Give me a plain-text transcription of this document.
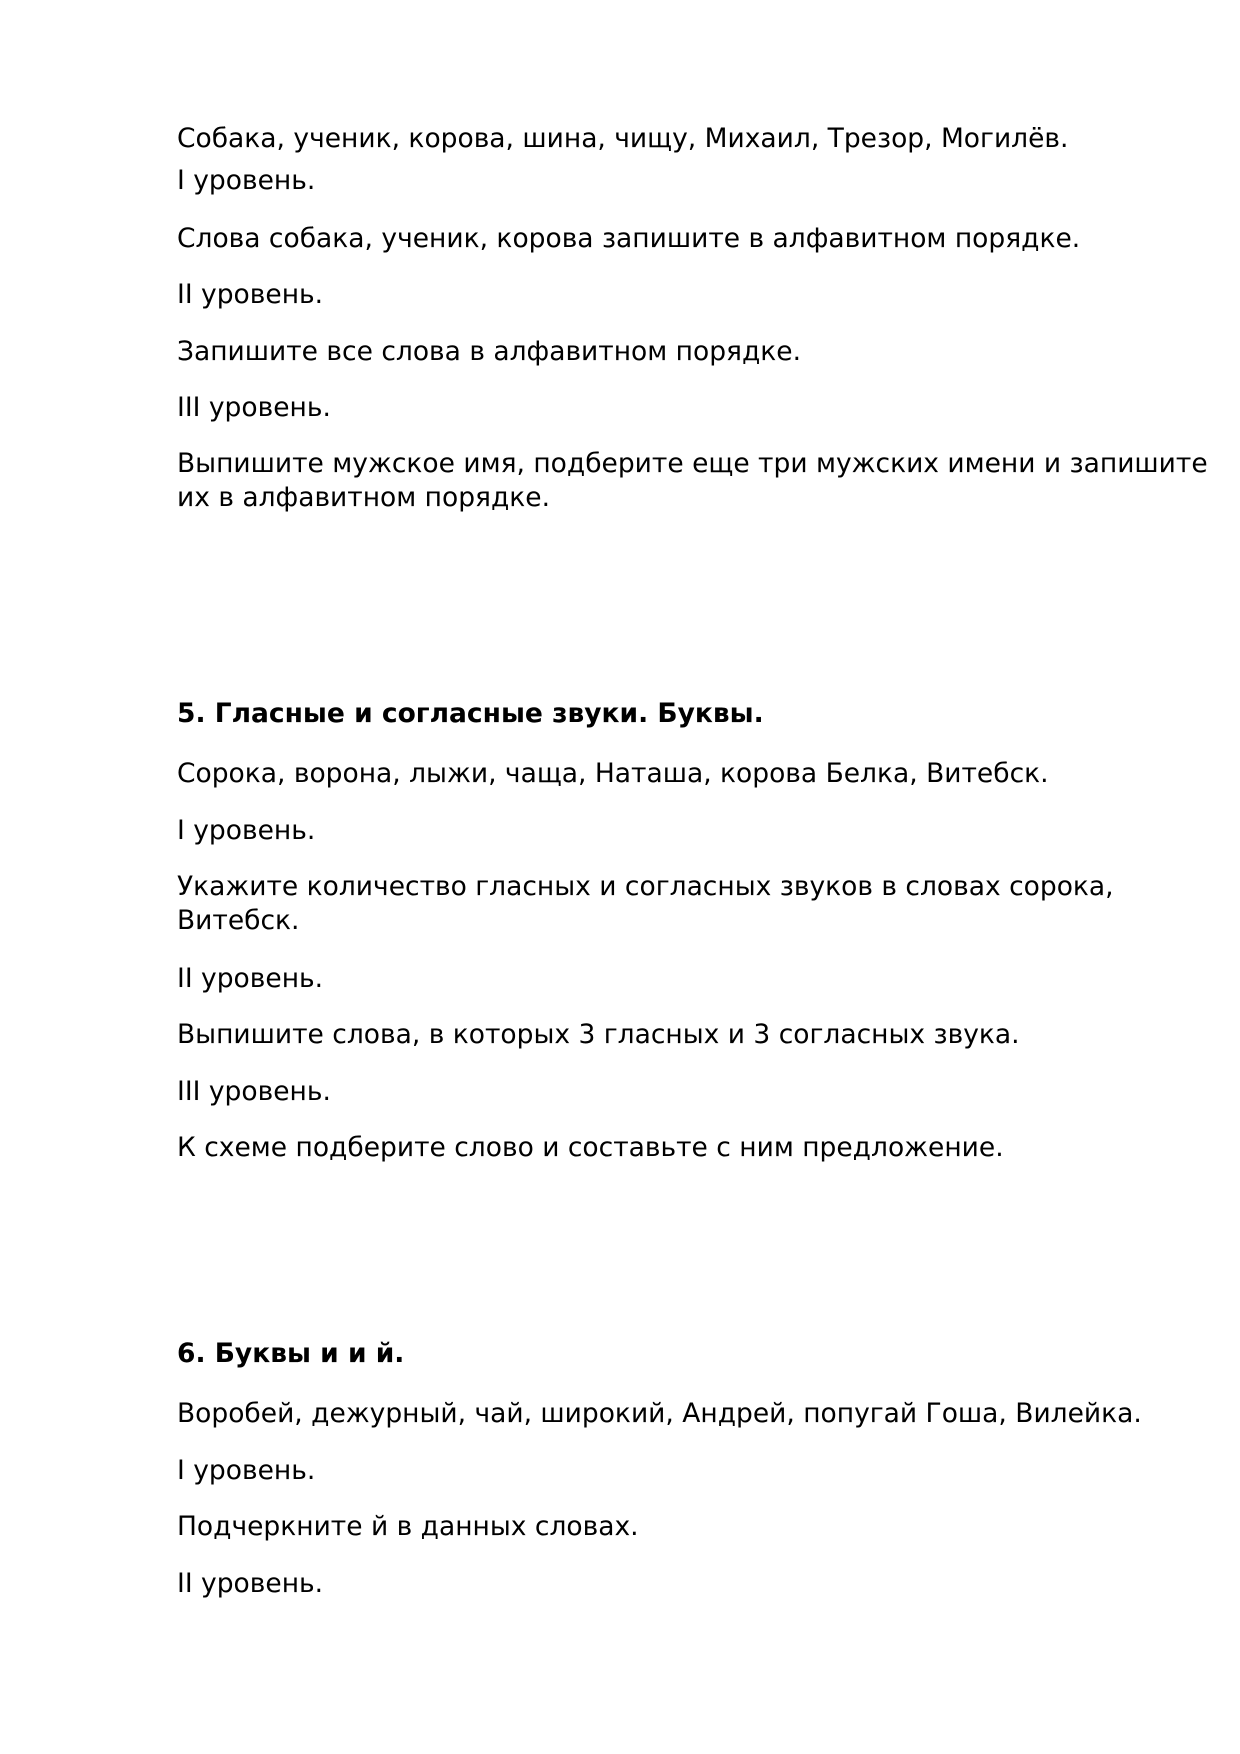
Собака, ученик, корова, шина, чищу, Михаил, Трезор, Могилёв.
I уровень.
Слова собака, ученик, корова запишите в алфавитном порядке.
II уровень.
Запишите все слова в алфавитном порядке.
III уровень.
Выпишите мужское имя, подберите еще три мужских имени и запишите
их в алфавитном порядке.
5. Гласные и согласные звуки. Буквы.
Сорока, ворона, лыжи, чаща, Наташа, корова Белка, Витебск.
I уровень.
Укажите количество гласных и согласных звуков в словах сорока,
Витебск.
II уровень.
Выпишите слова, в которых 3 гласных и 3 согласных звука.
III уровень.
К схеме подберите слово и составьте с ним предложение.
6. Буквы и и й.
Воробей, дежурный, чай, широкий, Андрей, попугай Гоша, Вилейка.
I уровень.
Подчеркните й в данных словах.
II уровень.
